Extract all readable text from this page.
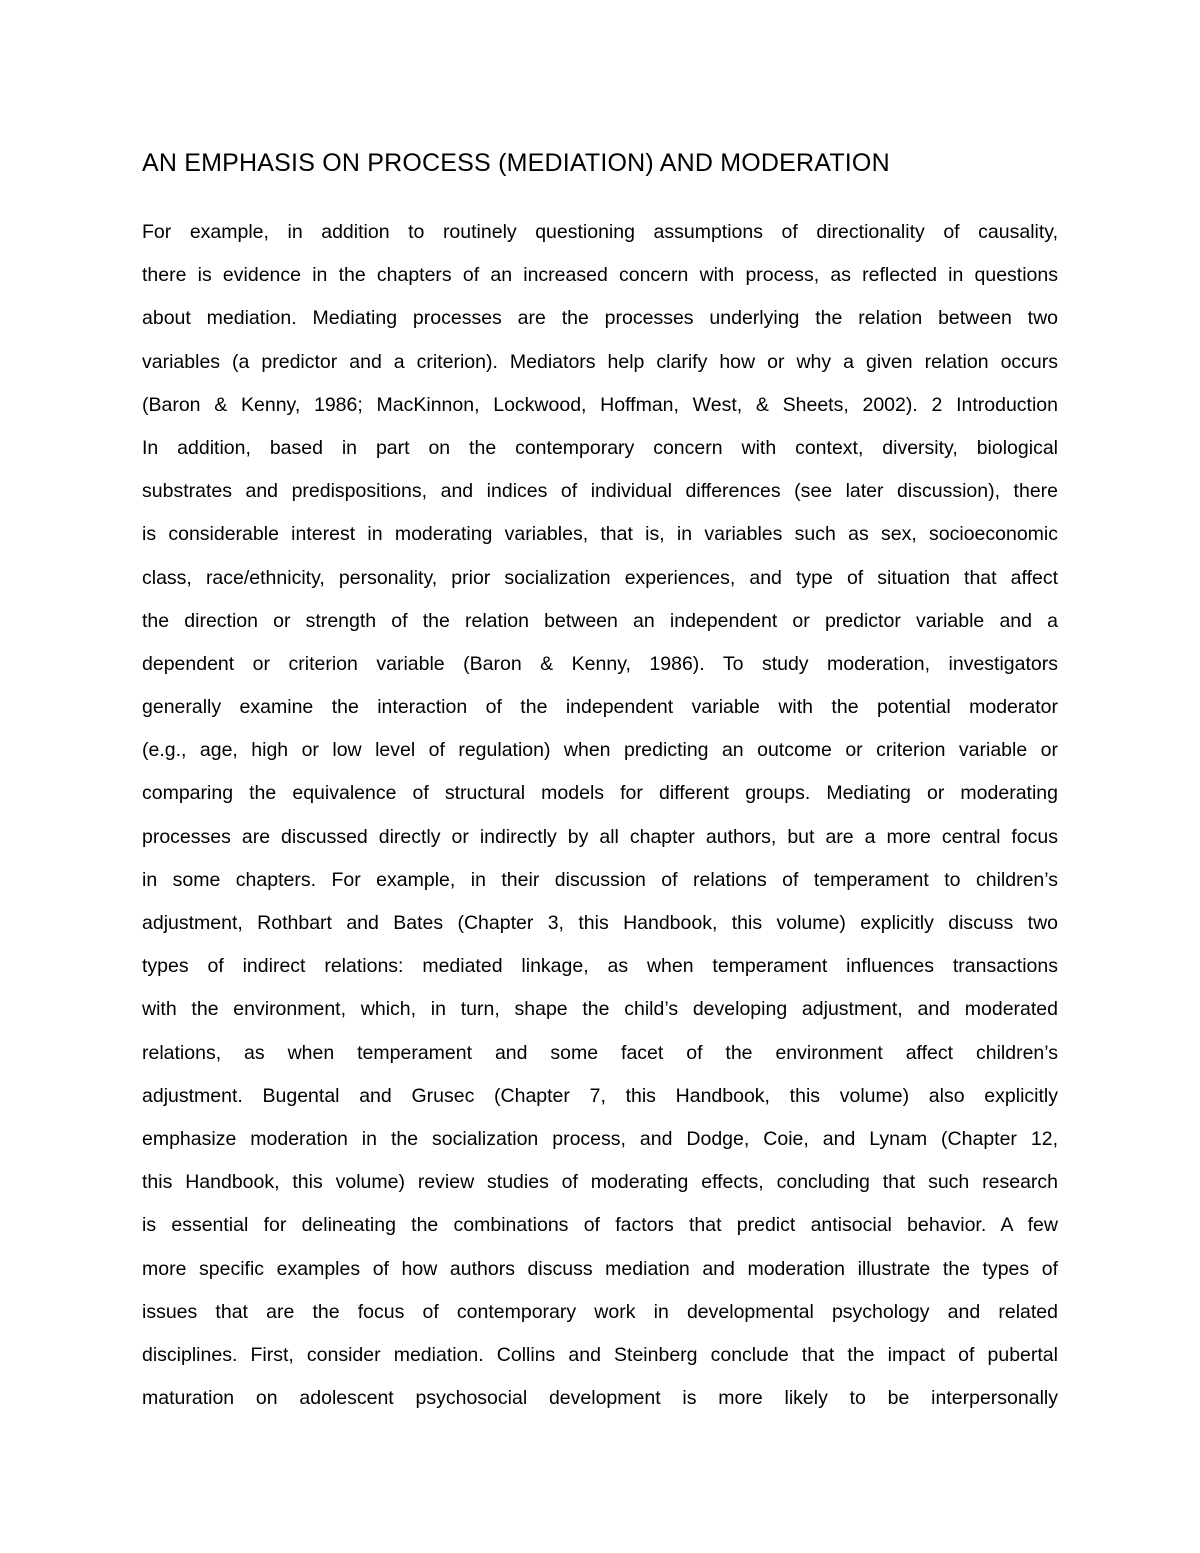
AN EMPHASIS ON PROCESS (MEDIATION) AND MODERATION
For example, in addition to routinely questioning assumptions of directionality of causality,
there is evidence in the chapters of an increased concern with process, as reflected in questions
about mediation. Mediating processes are the processes underlying the relation between two
variables (a predictor and a criterion). Mediators help clarify how or why a given relation occurs
(Baron & Kenny, 1986; MacKinnon, Lockwood, Hoffman, West, & Sheets, 2002). 2 Introduction
In addition, based in part on the contemporary concern with context, diversity, biological
substrates and predispositions, and indices of individual differences (see later discussion), there
is considerable interest in moderating variables, that is, in variables such as sex, socioeconomic
class, race/ethnicity, personality, prior socialization experiences, and type of situation that affect
the direction or strength of the relation between an independent or predictor variable and a
dependent or criterion variable (Baron & Kenny, 1986). To study moderation, investigators
generally examine the interaction of the independent variable with the potential moderator
(e.g., age, high or low level of regulation) when predicting an outcome or criterion variable or
comparing the equivalence of structural models for different groups. Mediating or moderating
processes are discussed directly or indirectly by all chapter authors, but are a more central focus
in some chapters. For example, in their discussion of relations of temperament to children’s
adjustment, Rothbart and Bates (Chapter 3, this Handbook, this volume) explicitly discuss two
types of indirect relations: mediated linkage, as when temperament influences transactions
with the environment, which, in turn, shape the child’s developing adjustment, and moderated
relations, as when temperament and some facet of the environment affect children’s
adjustment. Bugental and Grusec (Chapter 7, this Handbook, this volume) also explicitly
emphasize moderation in the socialization process, and Dodge, Coie, and Lynam (Chapter 12,
this Handbook, this volume) review studies of moderating effects, concluding that such research
is essential for delineating the combinations of factors that predict antisocial behavior. A few
more specific examples of how authors discuss mediation and moderation illustrate the types of
issues that are the focus of contemporary work in developmental psychology and related
disciplines. First, consider mediation. Collins and Steinberg conclude that the impact of pubertal
maturation on adolescent psychosocial development is more likely to be interpersonally
